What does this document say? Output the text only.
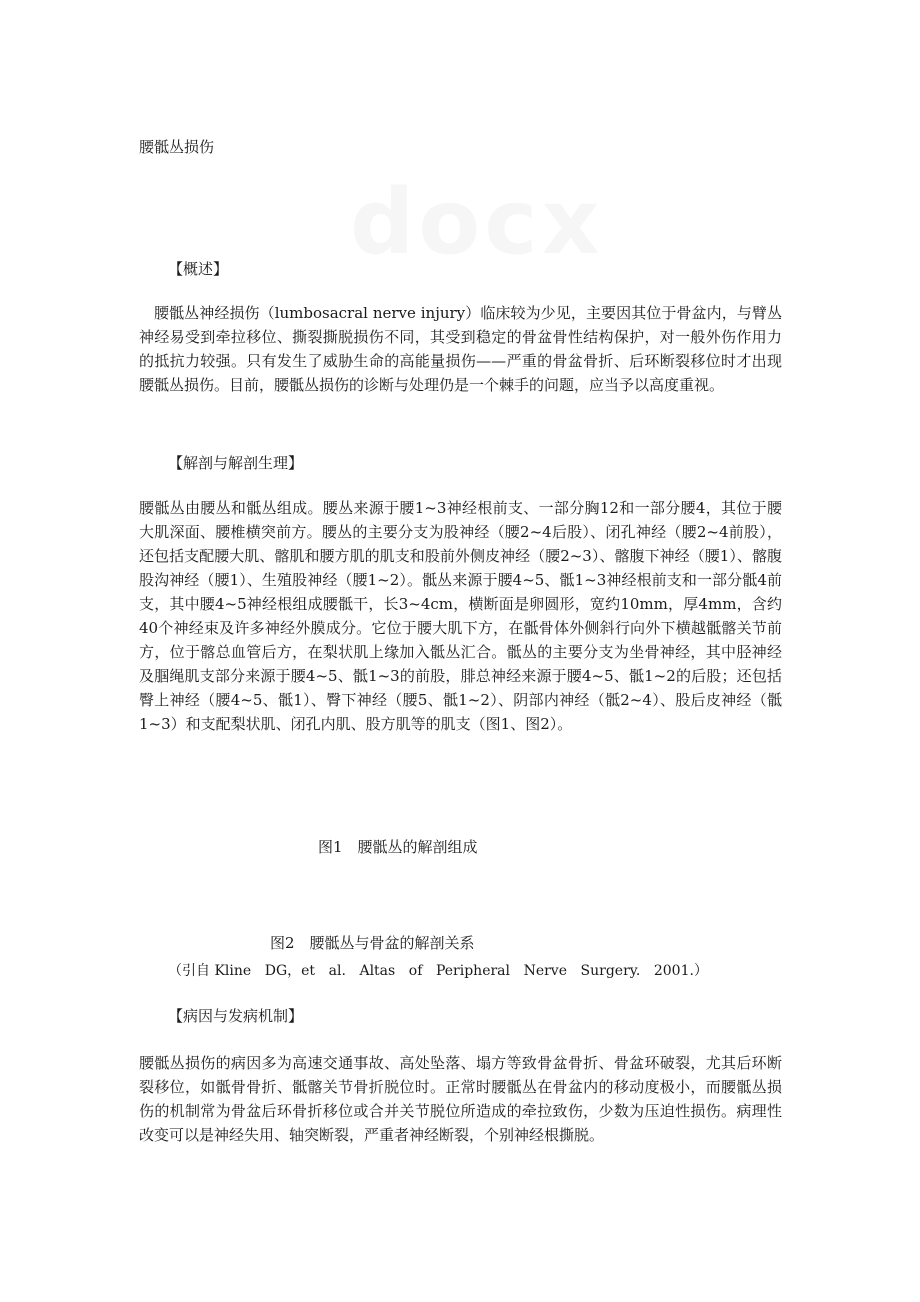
腰骶丛损伤
【概述】
腰骶丛神经损伤（lumbosacral nerve injury）临床较为少见，主要因其位于骨盆内，与臂丛神经易受到牵拉移位、撕裂撕脱损伤不同，其受到稳定的骨盆骨性结构保护，对一般外伤作用力的抵抗力较强。只有发生了威胁生命的高能量损伤——严重的骨盆骨折、后环断裂移位时才出现腰骶丛损伤。目前，腰骶丛损伤的诊断与处理仍是一个棘手的问题，应当予以高度重视。
【解剖与解剖生理】
腰骶丛由腰丛和骶丛组成。腰丛来源于腰1~3神经根前支、一部分胸12和一部分腰4，其位于腰大肌深面、腰椎横突前方。腰丛的主要分支为股神经（腰2~4后股）、闭孔神经（腰2~4前股），还包括支配腰大肌、髂肌和腰方肌的肌支和股前外侧皮神经（腰2~3）、髂腹下神经（腰1）、髂腹股沟神经（腰1）、生殖股神经（腰1~2）。骶丛来源于腰4~5、骶1~3神经根前支和一部分骶4前支，其中腰4~5神经根组成腰骶干，长3~4cm，横断面是卵圆形，宽约10mm，厚4mm，含约40个神经束及许多神经外膜成分。它位于腰大肌下方，在骶骨体外侧斜行向外下横越骶髂关节前方，位于髂总血管后方，在梨状肌上缘加入骶丛汇合。骶丛的主要分支为坐骨神经，其中胫神经及腘绳肌支部分来源于腰4~5、骶1~3的前股，腓总神经来源于腰4~5、骶1~2的后股；还包括臀上神经（腰4~5、骶1）、臀下神经（腰5、骶1~2）、阴部内神经（骶2~4）、股后皮神经（骶1~3）和支配梨状肌、闭孔内肌、股方肌等的肌支（图1、图2）。
图1　腰骶丛的解剖组成
图2　腰骶丛与骨盆的解剖关系
（引自 Kline DG，et al. Altas of Peripheral Nerve Surgery. 2001.）
【病因与发病机制】
腰骶丛损伤的病因多为高速交通事故、高处坠落、塌方等致骨盆骨折、骨盆环破裂，尤其后环断裂移位，如骶骨骨折、骶髂关节骨折脱位时。正常时腰骶丛在骨盆内的移动度极小，而腰骶丛损伤的机制常为骨盆后环骨折移位或合并关节脱位所造成的牵拉致伤，少数为压迫性损伤。病理性改变可以是神经失用、轴突断裂，严重者神经断裂，个别神经根撕脱。
